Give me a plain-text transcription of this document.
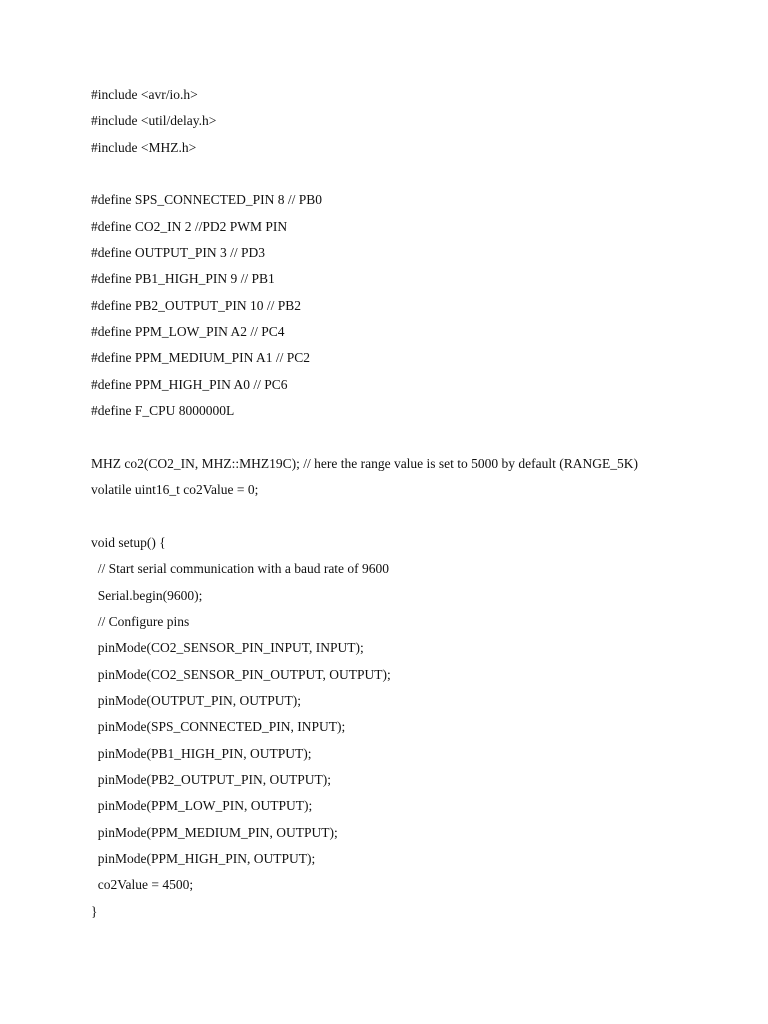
#include <avr/io.h>
#include <util/delay.h>
#include <MHZ.h>
#define SPS_CONNECTED_PIN 8 // PB0
#define CO2_IN 2 //PD2 PWM PIN
#define OUTPUT_PIN 3 // PD3
#define PB1_HIGH_PIN 9 // PB1
#define PB2_OUTPUT_PIN 10 // PB2
#define PPM_LOW_PIN A2 // PC4
#define PPM_MEDIUM_PIN A1 // PC2
#define PPM_HIGH_PIN A0 // PC6
#define F_CPU 8000000L
MHZ co2(CO2_IN, MHZ::MHZ19C); // here the range value is set to 5000 by default (RANGE_5K)
volatile uint16_t co2Value = 0;
void setup() {
// Start serial communication with a baud rate of 9600
Serial.begin(9600);
// Configure pins
pinMode(CO2_SENSOR_PIN_INPUT, INPUT);
pinMode(CO2_SENSOR_PIN_OUTPUT, OUTPUT);
pinMode(OUTPUT_PIN, OUTPUT);
pinMode(SPS_CONNECTED_PIN, INPUT);
pinMode(PB1_HIGH_PIN, OUTPUT);
pinMode(PB2_OUTPUT_PIN, OUTPUT);
pinMode(PPM_LOW_PIN, OUTPUT);
pinMode(PPM_MEDIUM_PIN, OUTPUT);
pinMode(PPM_HIGH_PIN, OUTPUT);
co2Value = 4500;
}
